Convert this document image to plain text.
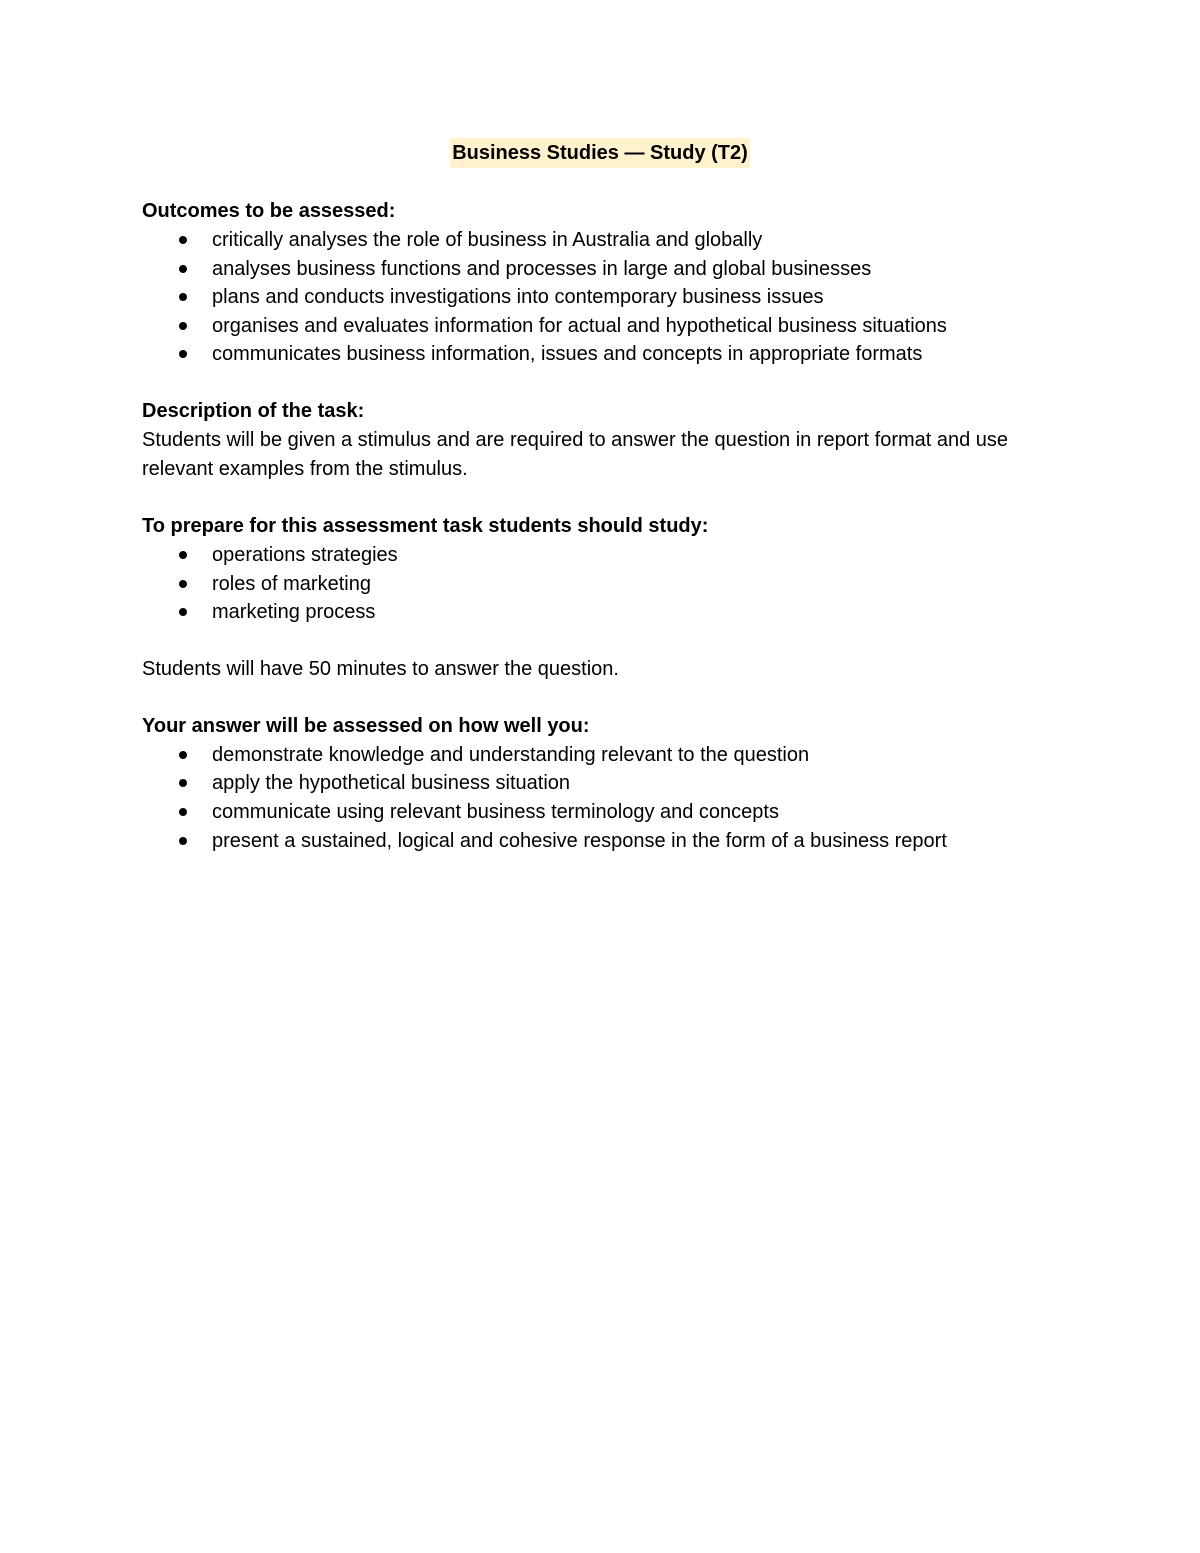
Business Studies — Study (T2)

Outcomes to be assessed:

critically analyses the role of business in Australia and globally
analyses business functions and processes in large and global businesses
plans and conducts investigations into contemporary business issues
organises and evaluates information for actual and hypothetical business situations
communicates business information, issues and concepts in appropriate formats

Description of the task:

Students will be given a stimulus and are required to answer the question in report format and use relevant examples from the stimulus.

To prepare for this assessment task students should study:

operations strategies
roles of marketing
marketing process

Students will have 50 minutes to answer the question.

Your answer will be assessed on how well you:

demonstrate knowledge and understanding relevant to the question
apply the hypothetical business situation
communicate using relevant business terminology and concepts
present a sustained, logical and cohesive response in the form of a business report
